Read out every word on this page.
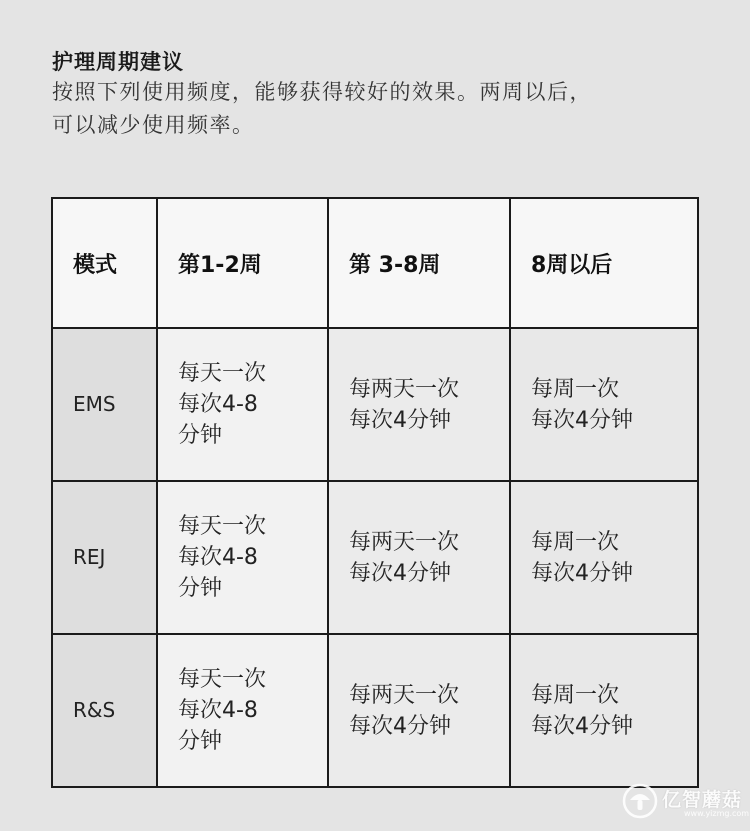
护理周期建议
按照下列使用频度，能够获得较好的效果。两周以后，
可以减少使用频率。
模式	第1-2周	第 3-8周	8周以后
EMS	每天一次
每次4-8
分钟	每两天一次
每次4分钟	每周一次
每次4分钟

REJ	每天一次
每次4-8
分钟	每两天一次
每次4分钟	每周一次
每次4分钟

R&S	每天一次
每次4-8
分钟	每两天一次
每次4分钟	每周一次
每次4分钟
亿智蘑菇
www.yizmg.com
